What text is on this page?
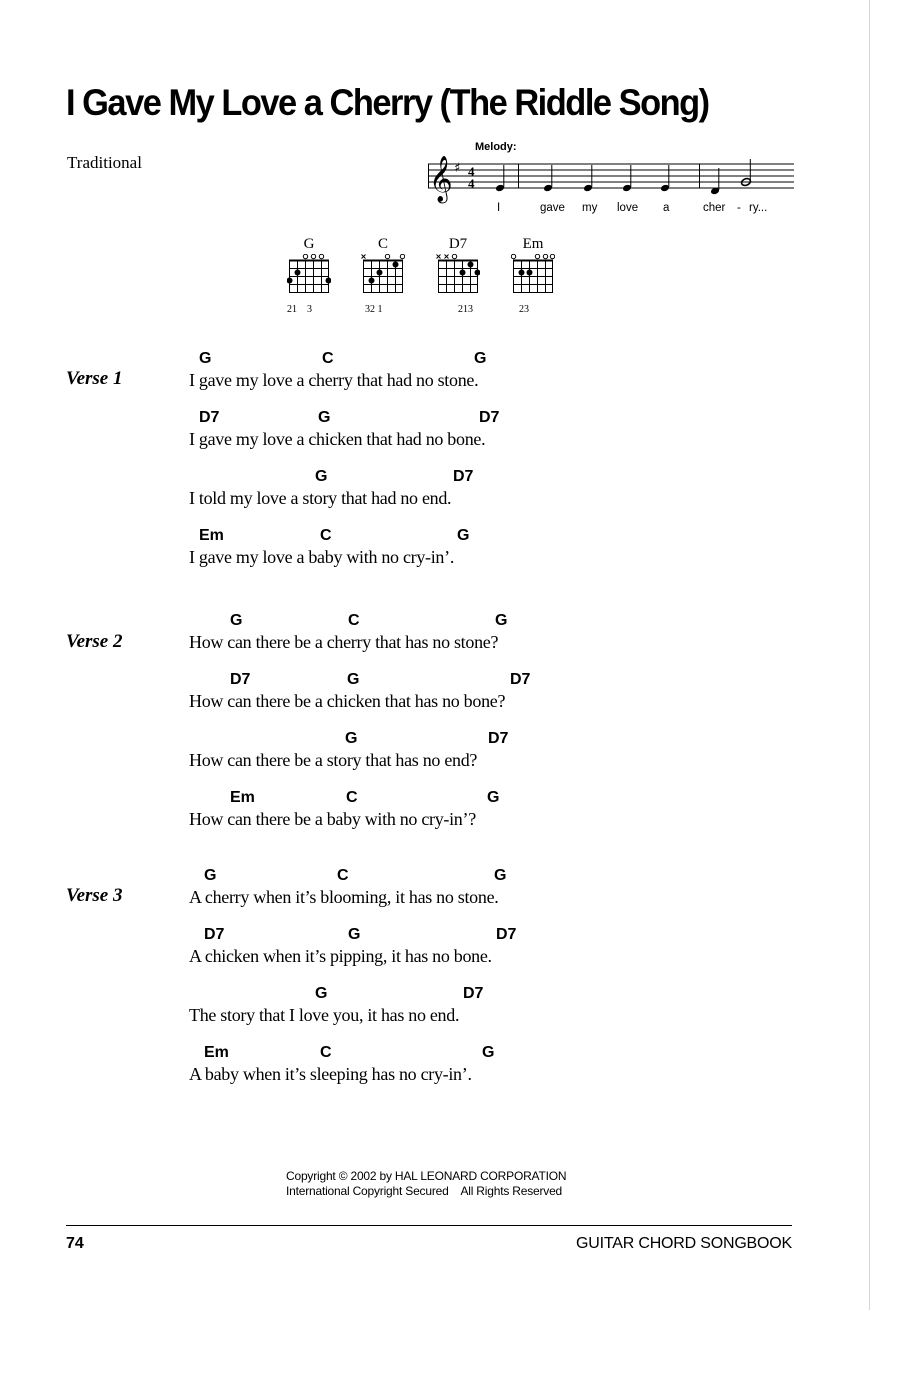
I Gave My Love a Cherry (The Riddle Song)
Traditional
Melody:
𝄞 ♯ 4
4
I	gave my love a	cher - ry...
G
21    3
C
32 1
D7
213
Em
23
Verse 1
G	C	G
I gave my love a cherry that had no stone.
D7	G	D7
I gave my love a chicken that had no bone.
G	D7
I told my love a story that had no end.
Em	C	G
I gave my love a baby with no cry-in’.
Verse 2
G	C	G
How can there be a cherry that has no stone?
D7	G	D7
How can there be a chicken that has no bone?
G	D7
How can there be a story that has no end?
Em	C	G
How can there be a baby with no cry-in’?
Verse 3
G	C	G
A cherry when it’s blooming, it has no stone.
D7	G	D7
A chicken when it’s pipping, it has no bone.
G	D7
The story that I love you, it has no end.
Em	C	G
A baby when it’s sleeping has no cry-in’.
Copyright © 2002 by HAL LEONARD CORPORATION
International Copyright Secured    All Rights Reserved
74	GUITAR CHORD SONGBOOK
